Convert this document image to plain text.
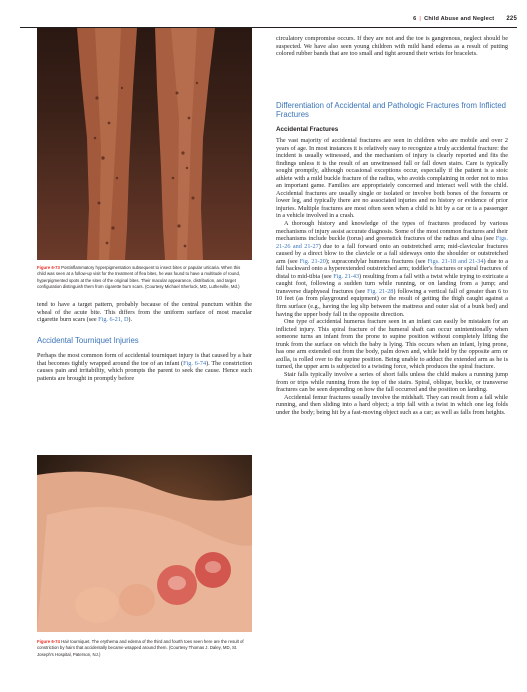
6 | Child Abuse and Neglect 225
Figure 6-73 Postinflammatory hyperpigmentation subsequent to insect bites or papular urticaria. When this child was seen at a follow-up visit for the treatment of flea bites, he was found to have a multitude of round, hyperpigmented spots at the sites of the original bites. Their macular appearance, distribution, and target configuration distinguish them from cigarette burn scars. (Courtesy Michael Sherlock, MD, Lutherville, Md.)

tend to have a target pattern, probably because of the central punctum within the wheal of the acute bite. This differs from the uniform surface of most macular cigarette burn scars (see Fig. 6-21, D).

Accidental Tourniquet Injuries

Perhaps the most common form of accidental tourniquet injury is that caused by a hair that becomes tightly wrapped around the toe of an infant (Fig. 6-74). The constriction causes pain and irritability, which prompts the parent to seek the cause. Hence such patients are brought in promptly before

Figure 6-74 Hair tourniquet. The erythema and edema of the third and fourth toes seen here are the result of constriction by hairs that accidentally became wrapped around them. (Courtesy Thomas J. Daley, MD, St. Joseph's Hospital, Paterson, NJ.)

circulatory compromise occurs. If they are not and the toe is gangrenous, neglect should be suspected. We have also seen young children with mild hand edema as a result of putting colored rubber bands that are too small and tight around their wrists for bracelets.

Differentiation of Accidental and Pathologic Fractures from Inflicted Fractures
Accidental Fractures

The vast majority of accidental fractures are seen in children who are mobile and over 2 years of age. In most instances it is relatively easy to recognize a truly accidental fracture: the incident is usually witnessed, and the mechanism of injury is clearly reported and fits the findings unless it is the result of an unwitnessed fall or fall down stairs. Care is typically sought promptly, although occasional exceptions occur, especially if the patient is a stoic athlete with a mild buckle fracture of the radius, who avoids complaining in order not to miss an important game. Families are appropriately concerned and interact well with the child. Accidental fractures are usually single or isolated or involve both bones of the forearm or lower leg, and typically there are no associated injuries and no history or evidence of prior injuries. Multiple fractures are most often seen when a child is hit by a car or is a passenger in a vehicle involved in a crash.

A thorough history and knowledge of the types of fractures produced by various mechanisms of injury assist accurate diagnosis. Some of the most common fractures and their mechanisms include buckle (torus) and greenstick fractures of the radius and ulna (see Figs. 21-26 and 21-27) due to a fall forward onto an outstretched arm; mid-clavicular fractures caused by a direct blow to the clavicle or a fall sideways onto the shoulder or outstretched arm (see Fig. 21-20); supracondylar humerus fractures (see Figs. 21-18 and 21-34) due to a fall backward onto a hyperextended outstretched arm; toddler's fractures or spiral fractures of distal to mid-tibia (see Fig. 21-43) resulting from a fall with a twist while trying to extricate a caught foot, following a sudden turn while running, or on landing from a jump; and transverse diaphyseal fractures (see Fig. 21-28) following a vertical fall of greater than 6 to 10 feet (as from playground equipment) or the result of getting the thigh caught against a firm surface (e.g., having the leg slip between the mattress and outer slat of a bunk bed) and having the upper body fall in the opposite direction.

One type of accidental humerus fracture seen in an infant can easily be mistaken for an inflicted injury. This spiral fracture of the humeral shaft can occur unintentionally when someone turns an infant from the prone to supine position without completely lifting the trunk from the surface on which the baby is lying. This occurs when an infant, lying prone, has one arm extended out from the body, palm down and, while held by the opposite arm or axilla, is rolled over to the supine position. Being unable to adduct the extended arm as he is turned, the upper arm is subjected to a twisting force, which produces the spiral fracture.

Stair falls typically involve a series of short falls unless the child makes a running jump from or trips while running from the top of the stairs. Spiral, oblique, buckle, or transverse fractures can be seen depending on how the fall occurred and the position on landing.

Accidental femur fractures usually involve the midshaft. They can result from a fall while running, and then sliding into a hard object; a trip fall with a twist in which one leg folds under the body; being hit by a fast-moving object such as a car; as well as falls from heights.
